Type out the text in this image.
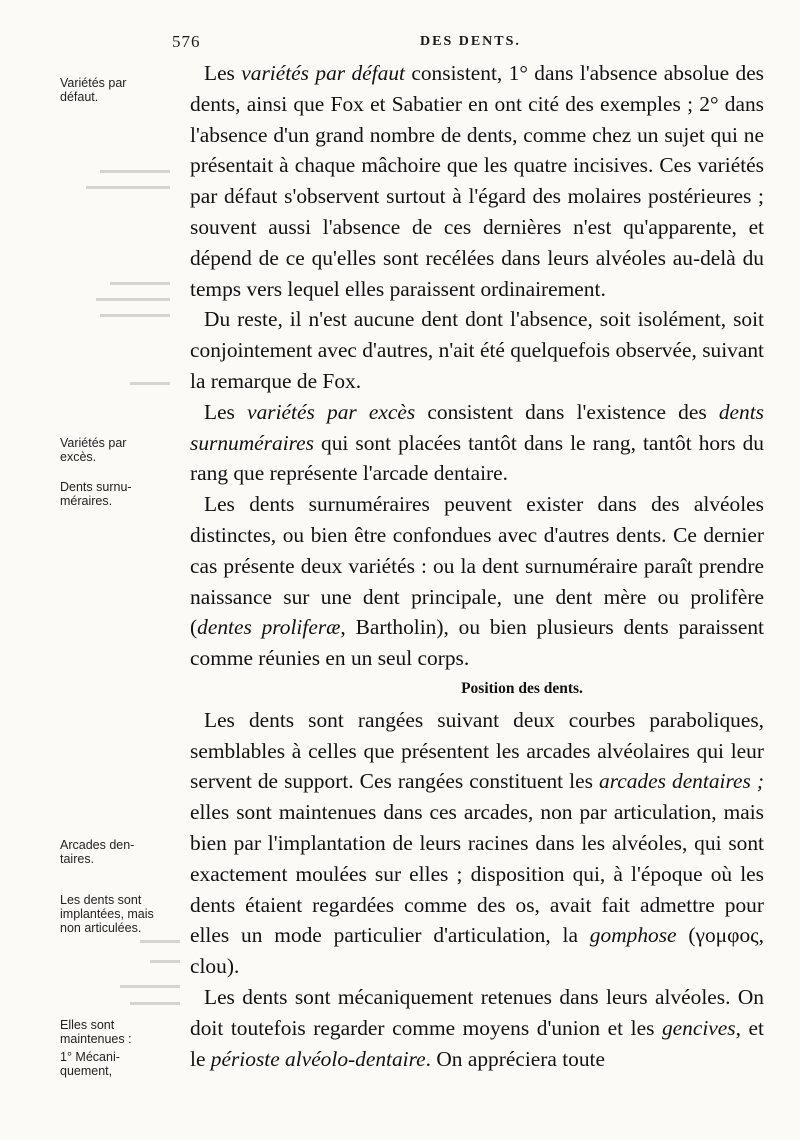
576	DES DENTS.
Variétés par
défaut.
Variétés par
excès.
Dents surnu-
méraires.
Arcades den-
taires.
Les dents sont
implantées, mais
non articulées.
Elles sont
maintenues :
1° Mécani-
quement,

Les variétés par défaut consistent, 1° dans l'absence absolue des dents, ainsi que Fox et Sabatier en ont cité des exemples ; 2° dans l'absence d'un grand nombre de dents, comme chez un sujet qui ne présentait à chaque mâchoire que les quatre incisives. Ces variétés par défaut s'observent surtout à l'égard des molaires postérieures ; souvent aussi l'absence de ces dernières n'est qu'apparente, et dépend de ce qu'elles sont recélées dans leurs alvéoles au-delà du temps vers lequel elles paraissent ordinairement.

Du reste, il n'est aucune dent dont l'absence, soit isolément, soit conjointement avec d'autres, n'ait été quelquefois observée, suivant la remarque de Fox.

Les variétés par excès consistent dans l'existence des dents surnuméraires qui sont placées tantôt dans le rang, tantôt hors du rang que représente l'arcade dentaire.

Les dents surnuméraires peuvent exister dans des alvéoles distinctes, ou bien être confondues avec d'autres dents. Ce dernier cas présente deux variétés : ou la dent surnuméraire paraît prendre naissance sur une dent principale, une dent mère ou prolifère (dentes proliferæ, Bartholin), ou bien plusieurs dents paraissent comme réunies en un seul corps.

Position des dents.

Les dents sont rangées suivant deux courbes paraboliques, semblables à celles que présentent les arcades alvéolaires qui leur servent de support. Ces rangées constituent les arcades dentaires ; elles sont maintenues dans ces arcades, non par articulation, mais bien par l'implantation de leurs racines dans les alvéoles, qui sont exactement moulées sur elles ; disposition qui, à l'époque où les dents étaient regardées comme des os, avait fait admettre pour elles un mode particulier d'articulation, la gomphose (γομφος, clou).

Les dents sont mécaniquement retenues dans leurs alvéoles. On doit toutefois regarder comme moyens d'union et les gencives, et le périoste alvéolo-dentaire. On appréciera toute
